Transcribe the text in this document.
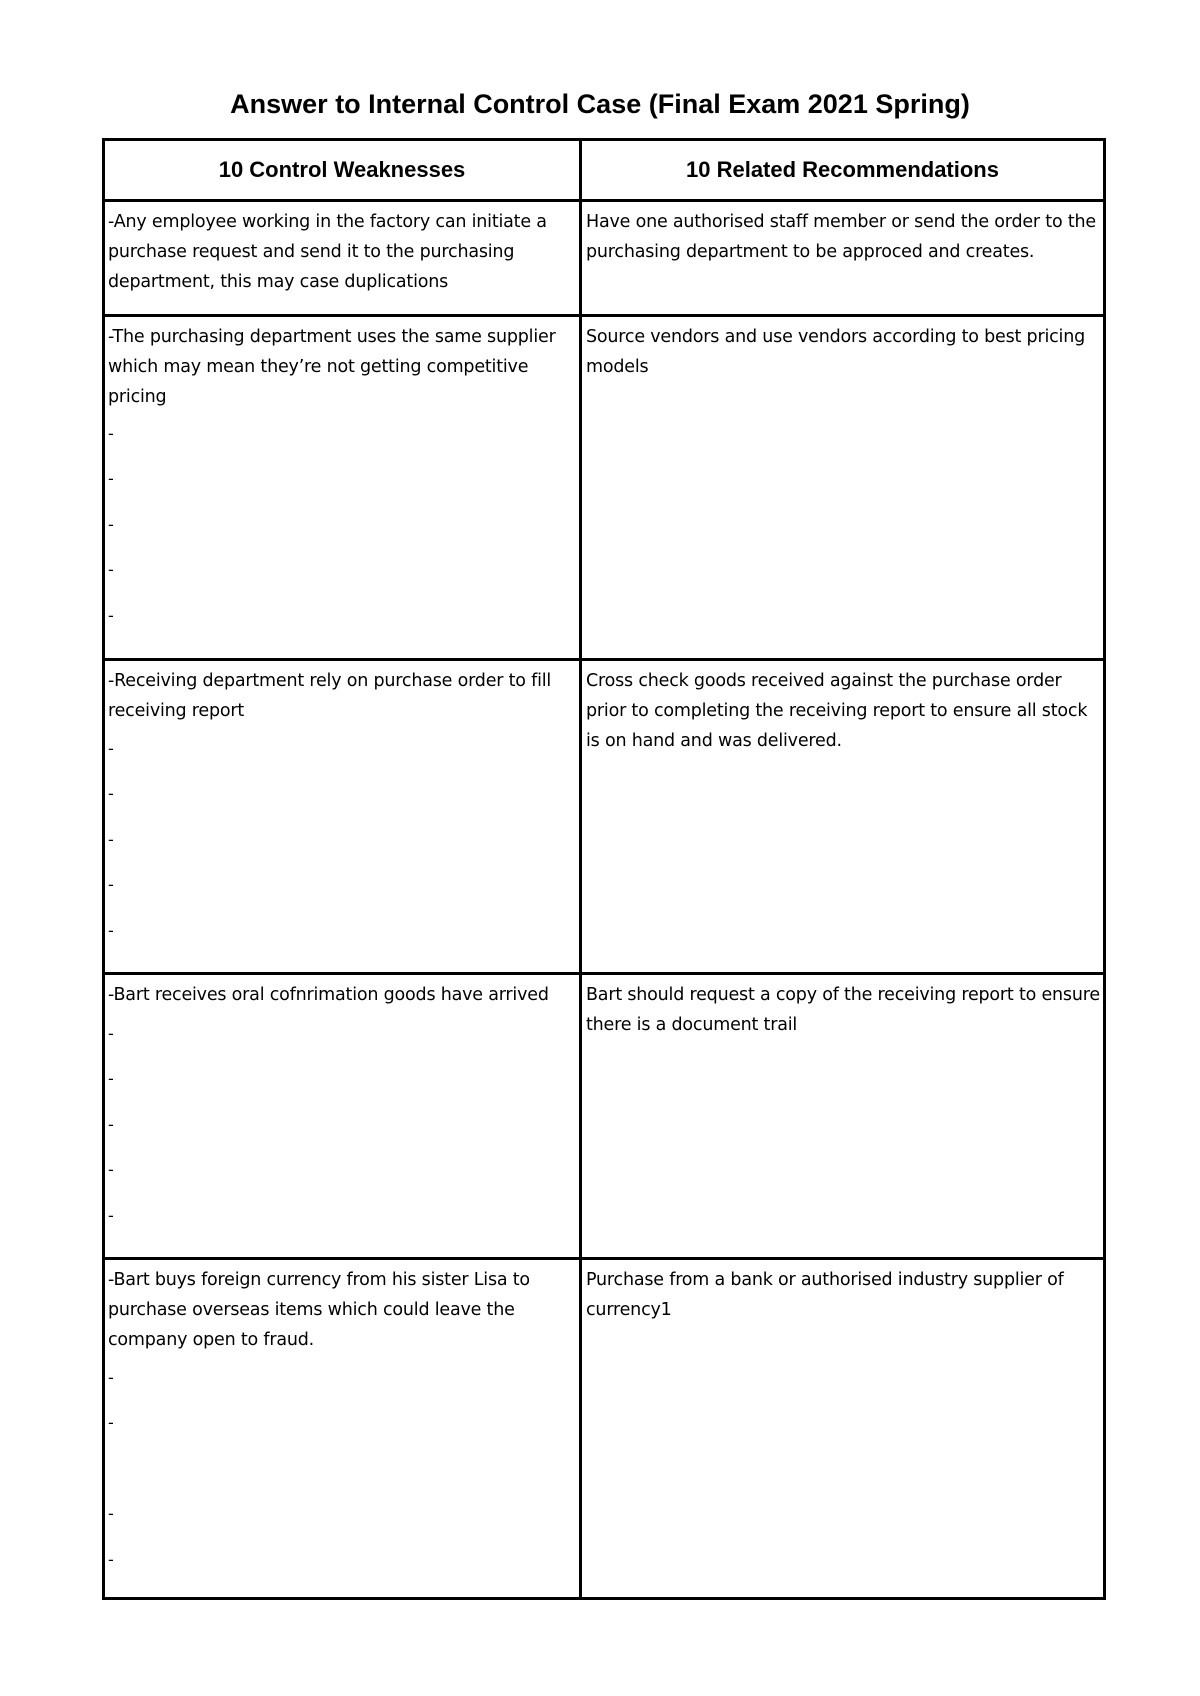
Answer to Internal Control Case (Final Exam 2021 Spring)
10 Control Weaknesses	10 Related Recommendations
-Any employee working in the factory can initiate a purchase request and send it to the purchasing department, this may case duplications
Have one authorised staff member or send the order to the purchasing department to be approced and creates.
-The purchasing department uses the same supplier which may mean they’re not getting competitive pricing
-
-
-
-
-
Source vendors and use vendors according to best pricing models
-Receiving department rely on purchase order to fill receiving report
-
-
-
-
-
Cross check goods received against the purchase order prior to completing the receiving report to ensure all stock is on hand and was delivered.
-Bart receives oral cofnrimation goods have arrived
-
-
-
-
-
Bart should request a copy of the receiving report to ensure there is a document trail
-Bart buys foreign currency from his sister Lisa to purchase overseas items which could leave the company open to fraud.
-
-
-
-
Purchase from a bank or authorised industry supplier of currency1
